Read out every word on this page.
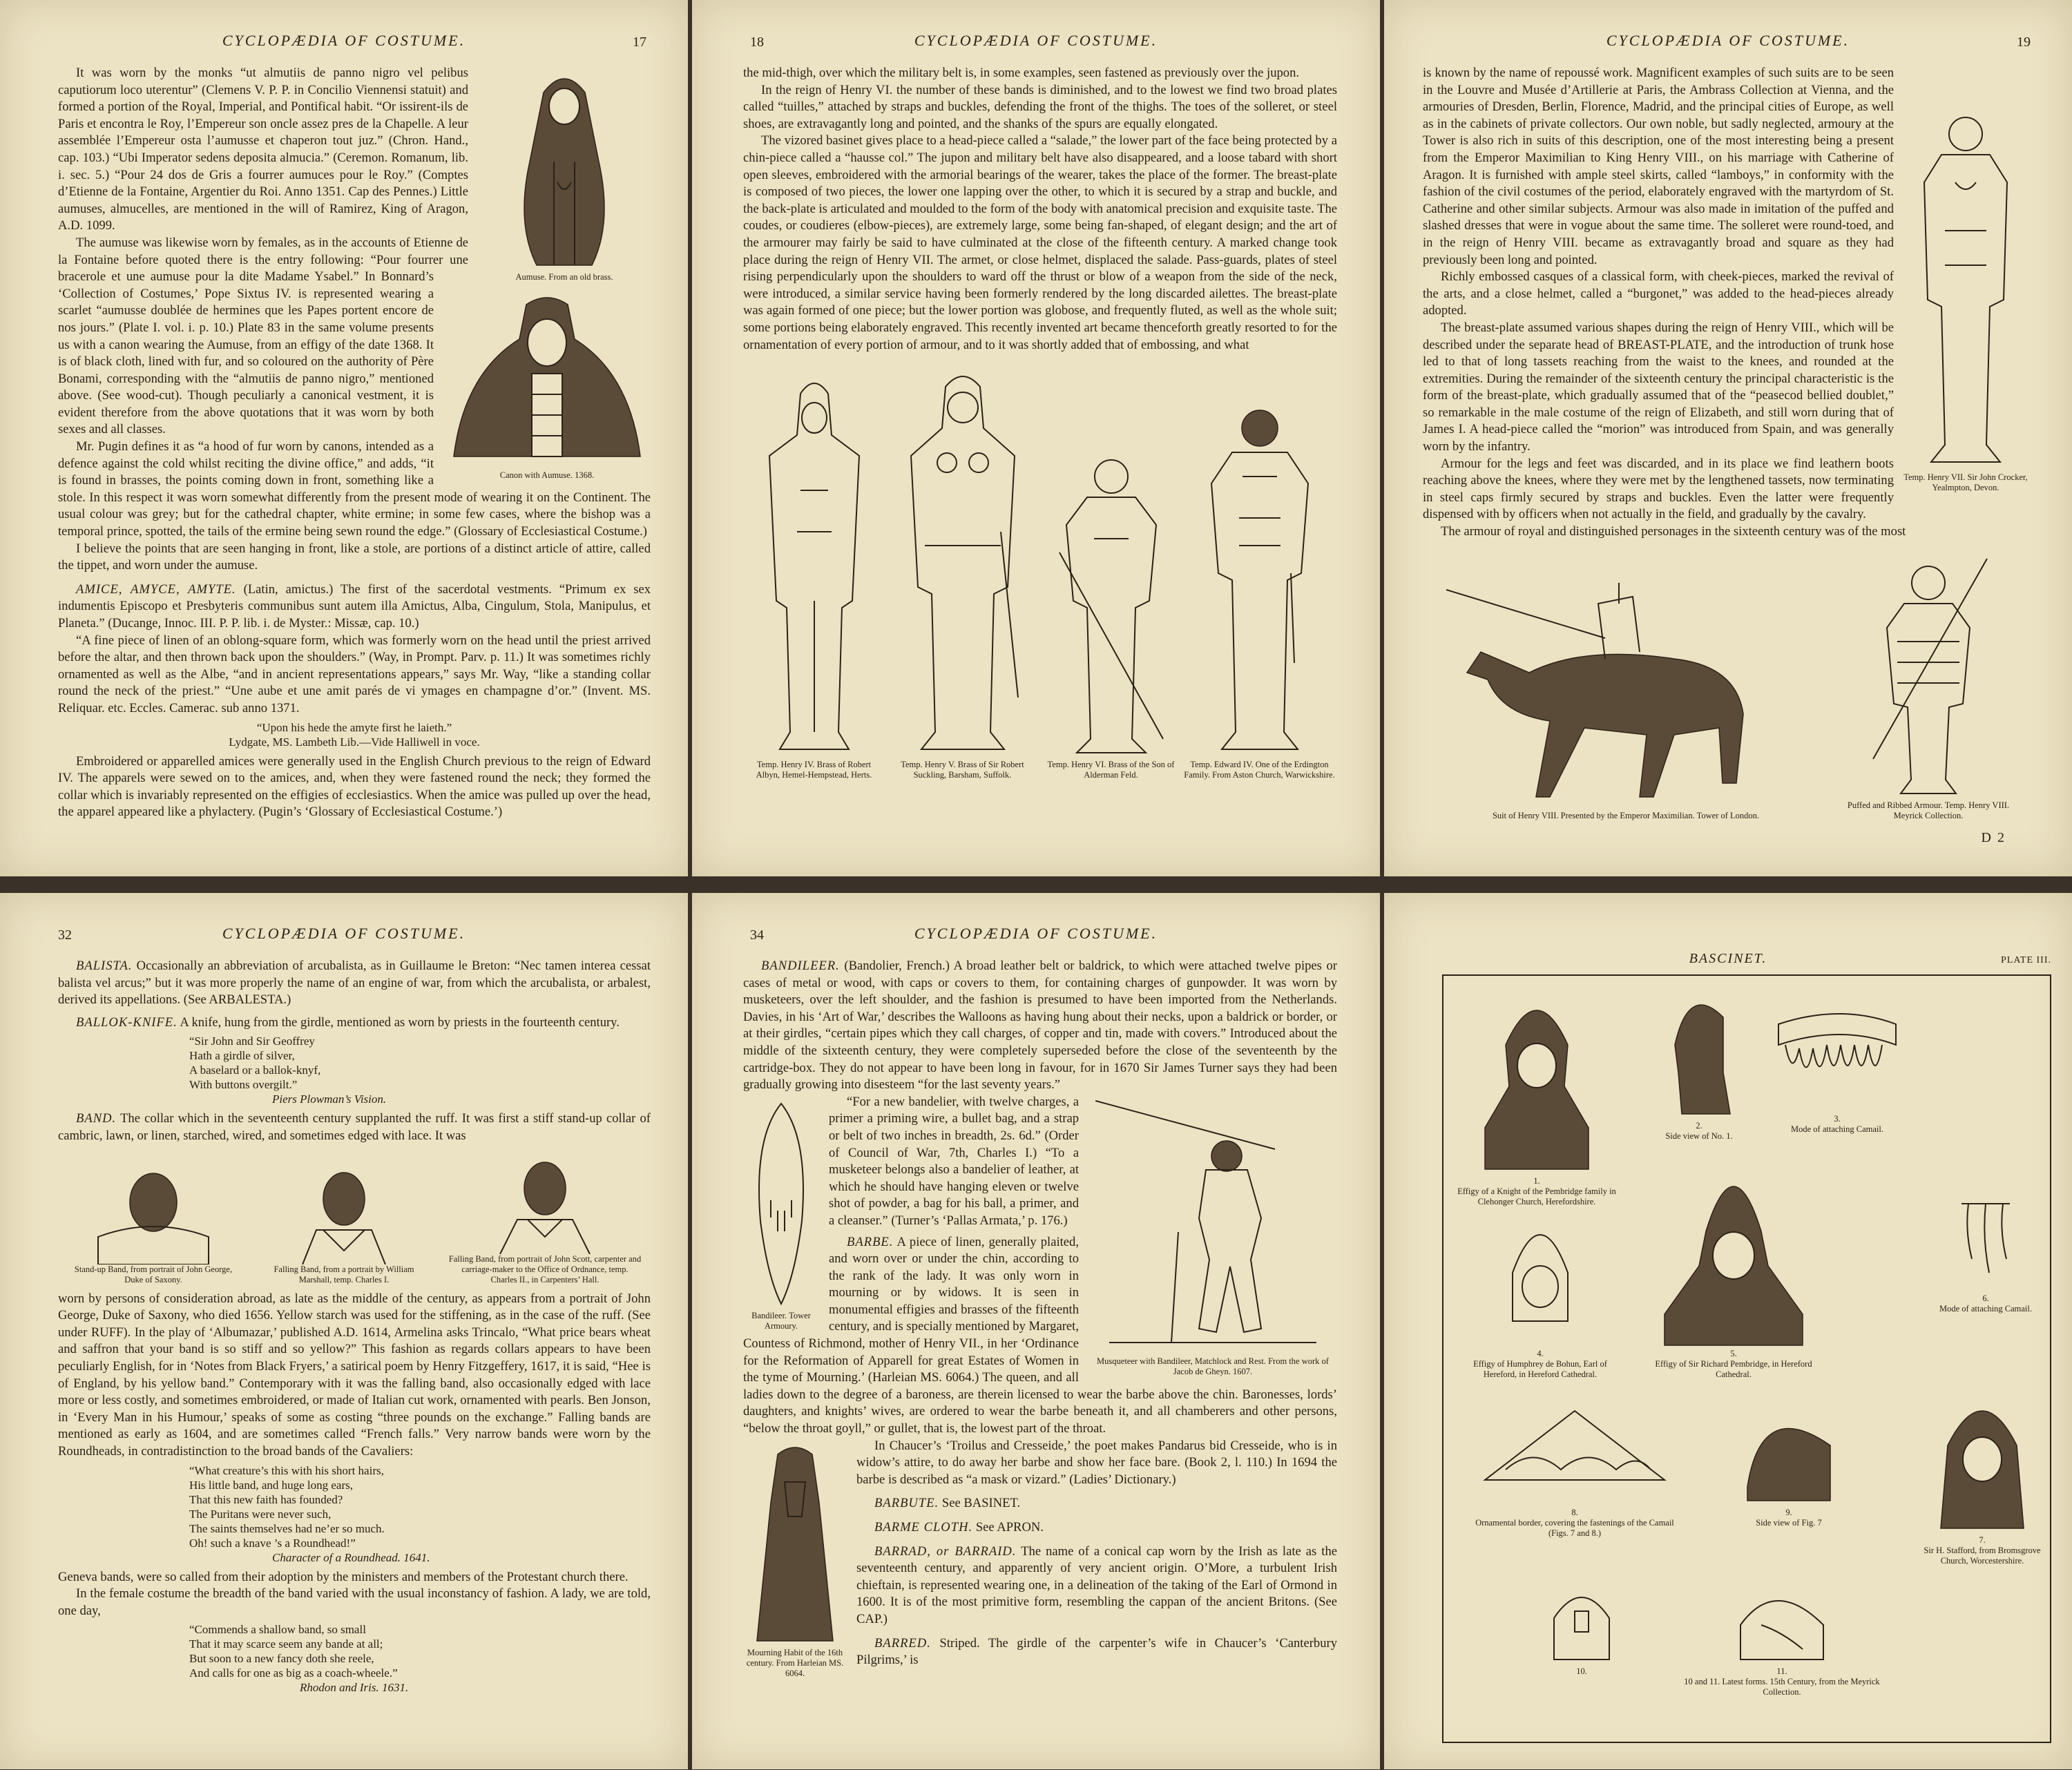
CYCLOPÆDIA OF COSTUME.	17
Aumuse. From an old brass.

It was worn by the monks “ut almutiis de panno nigro vel pelibus caputiorum loco uterentur” (Clemens V. P. P. in Concilio Viennensi statuit) and formed a portion of the Royal, Imperial, and Pontifical habit. “Or issirent-ils de Paris et encontra le Roy, l’Empereur son oncle assez pres de la Chapelle. A leur assemblée l’Empereur osta l’aumusse et chaperon tout juz.” (Chron. Hand., cap. 103.) “Ubi Imperator sedens deposita almucia.” (Ceremon. Romanum, lib. i. sec. 5.) “Pour 24 dos de Gris a fourrer aumuces pour le Roy.” (Comptes d’Etienne de la Fontaine, Argentier du Roi. Anno 1351. Cap des Pennes.) Little aumuses, almucelles, are mentioned in the will of Ramirez, King of Aragon, A.D. 1099.

Canon with Aumuse. 1368.

The aumuse was likewise worn by females, as in the accounts of Etienne de la Fontaine before quoted there is the entry following: “Pour fourrer une bracerole et une aumuse pour la dite Madame Ysabel.” In Bonnard’s ‘Collection of Costumes,’ Pope Sixtus IV. is represented wearing a scarlet “aumusse doublée de hermines que les Papes portent encore de nos jours.” (Plate I. vol. i. p. 10.) Plate 83 in the same volume presents us with a canon wearing the Aumuse, from an effigy of the date 1368. It is of black cloth, lined with fur, and so coloured on the authority of Père Bonami, corresponding with the “almutiis de panno nigro,” mentioned above. (See wood-cut). Though peculiarly a canonical vestment, it is evident therefore from the above quotations that it was worn by both sexes and all classes.

Mr. Pugin defines it as “a hood of fur worn by canons, intended as a defence against the cold whilst reciting the divine office,” and adds, “it is found in brasses, the points coming down in front, something like a stole. In this respect it was worn somewhat differently from the present mode of wearing it on the Continent. The usual colour was grey; but for the cathedral chapter, white ermine; in some few cases, where the bishop was a temporal prince, spotted, the tails of the ermine being sewn round the edge.” (Glossary of Ecclesiastical Costume.)

I believe the points that are seen hanging in front, like a stole, are portions of a distinct article of attire, called the tippet, and worn under the aumuse.

AMICE, AMYCE, AMYTE. (Latin, amictus.) The first of the sacerdotal vestments. “Primum ex sex indumentis Episcopo et Presbyteris communibus sunt autem illa Amictus, Alba, Cingulum, Stola, Manipulus, et Planeta.” (Ducange, Innoc. III. P. P. lib. i. de Myster.: Missæ, cap. 10.)

“A fine piece of linen of an oblong-square form, which was formerly worn on the head until the priest arrived before the altar, and then thrown back upon the shoulders.” (Way, in Prompt. Parv. p. 11.) It was sometimes richly ornamented as well as the Albe, “and in ancient representations appears,” says Mr. Way, “like a standing collar round the neck of the priest.” “Une aube et une amit parés de vi ymages en champagne d’or.” (Invent. MS. Reliquar. etc. Eccles. Camerac. sub anno 1371.

“Upon his hede the amyte first he laieth.”
Lydgate, MS. Lambeth Lib.—Vide Halliwell in voce.

Embroidered or apparelled amices were generally used in the English Church previous to the reign of Edward IV. The apparels were sewed on to the amices, and, when they were fastened round the neck; they formed the collar which is invariably represented on the effigies of ecclesiastics. When the amice was pulled up over the head, the apparel appeared like a phylactery. (Pugin’s ‘Glossary of Ecclesiastical Costume.’)

18	CYCLOPÆDIA OF COSTUME.

the mid-thigh, over which the military belt is, in some examples, seen fastened as previously over the jupon.

In the reign of Henry VI. the number of these bands is diminished, and to the lowest we find two broad plates called “tuilles,” attached by straps and buckles, defending the front of the thighs. The toes of the solleret, or steel shoes, are extravagantly long and pointed, and the shanks of the spurs are equally elongated.

The vizored basinet gives place to a head-piece called a “salade,” the lower part of the face being protected by a chin-piece called a “hausse col.” The jupon and military belt have also disappeared, and a loose tabard with short open sleeves, embroidered with the armorial bearings of the wearer, takes the place of the former. The breast-plate is composed of two pieces, the lower one lapping over the other, to which it is secured by a strap and buckle, and the back-plate is articulated and moulded to the form of the body with anatomical precision and exquisite taste. The coudes, or coudieres (elbow-pieces), are extremely large, some being fan-shaped, of elegant design; and the art of the armourer may fairly be said to have culminated at the close of the fifteenth century. A marked change took place during the reign of Henry VII. The armet, or close helmet, displaced the salade. Pass-guards, plates of steel rising perpendicularly upon the shoulders to ward off the thrust or blow of a weapon from the side of the neck, were introduced, a similar service having been formerly rendered by the long discarded ailettes. The breast-plate was again formed of one piece; but the lower portion was globose, and frequently fluted, as well as the whole suit; some portions being elaborately engraved. This recently invented art became thenceforth greatly resorted to for the ornamentation of every portion of armour, and to it was shortly added that of embossing, and what

Temp. Henry IV. Brass of Robert Albyn, Hemel-Hempstead, Herts.
Temp. Henry V. Brass of Sir Robert Suckling, Barsham, Suffolk.
Temp. Henry VI. Brass of the Son of Alderman Feld.
Temp. Edward IV. One of the Erdington Family. From Aston Church, Warwickshire.
CYCLOPÆDIA OF COSTUME.	19
Temp. Henry VII. Sir John Crocker, Yealmpton, Devon.

is known by the name of repoussé work. Magnificent examples of such suits are to be seen in the Louvre and Musée d’Artillerie at Paris, the Ambrass Collection at Vienna, and the armouries of Dresden, Berlin, Florence, Madrid, and the principal cities of Europe, as well as in the cabinets of private collectors. Our own noble, but sadly neglected, armoury at the Tower is also rich in suits of this description, one of the most interesting being a present from the Emperor Maximilian to King Henry VIII., on his marriage with Catherine of Aragon. It is furnished with ample steel skirts, called “lamboys,” in conformity with the fashion of the civil costumes of the period, elaborately engraved with the martyrdom of St. Catherine and other similar subjects. Armour was also made in imitation of the puffed and slashed dresses that were in vogue about the same time. The solleret were round-toed, and in the reign of Henry VIII. became as extravagantly broad and square as they had previously been long and pointed.

Richly embossed casques of a classical form, with cheek-pieces, marked the revival of the arts, and a close helmet, called a “burgonet,” was added to the head-pieces already adopted.

The breast-plate assumed various shapes during the reign of Henry VIII., which will be described under the separate head of BREAST-PLATE, and the introduction of trunk hose led to that of long tassets reaching from the waist to the knees, and rounded at the extremities. During the remainder of the sixteenth century the principal characteristic is the form of the breast-plate, which gradually assumed that of the “peasecod bellied doublet,” so remarkable in the male costume of the reign of Elizabeth, and still worn during that of James I. A head-piece called the “morion” was introduced from Spain, and was generally worn by the infantry.

Armour for the legs and feet was discarded, and in its place we find leathern boots reaching above the knees, where they were met by the lengthened tassets, now terminating in steel caps firmly secured by straps and buckles. Even the latter were frequently dispensed with by officers when not actually in the field, and gradually by the cavalry.

The armour of royal and distinguished personages in the sixteenth century was of the most

Suit of Henry VIII. Presented by the Emperor Maximilian. Tower of London.
Puffed and Ribbed Armour. Temp. Henry VIII. Meyrick Collection.
D 2
32	CYCLOPÆDIA OF COSTUME.

BALISTA. Occasionally an abbreviation of arcubalista, as in Guillaume le Breton: “Nec tamen interea cessat balista vel arcus;” but it was more properly the name of an engine of war, from which the arcubalista, or arbalest, derived its appellations. (See ARBALESTA.)

BALLOK-KNIFE. A knife, hung from the girdle, mentioned as worn by priests in the fourteenth century.

“Sir John and Sir Geoffrey
Hath a girdle of silver,
A baselard or a ballok-knyf,
With buttons overgilt.”
Piers Plowman’s Vision.

BAND. The collar which in the seventeenth century supplanted the ruff. It was first a stiff stand-up collar of cambric, lawn, or linen, starched, wired, and sometimes edged with lace. It was

Stand-up Band, from portrait of John George, Duke of Saxony.
Falling Band, from a portrait by William Marshall, temp. Charles I.
Falling Band, from portrait of John Scott, carpenter and carriage-maker to the Office of Ordnance, temp. Charles II., in Carpenters’ Hall.

worn by persons of consideration abroad, as late as the middle of the century, as appears from a portrait of John George, Duke of Saxony, who died 1656. Yellow starch was used for the stiffening, as in the case of the ruff. (See under RUFF). In the play of ‘Albumazar,’ published A.D. 1614, Armelina asks Trincalo, “What price bears wheat and saffron that your band is so stiff and so yellow?” This fashion as regards collars appears to have been peculiarly English, for in ‘Notes from Black Fryers,’ a satirical poem by Henry Fitzgeffery, 1617, it is said, “Hee is of England, by his yellow band.” Contemporary with it was the falling band, also occasionally edged with lace more or less costly, and sometimes embroidered, or made of Italian cut work, ornamented with pearls. Ben Jonson, in ‘Every Man in his Humour,’ speaks of some as costing “three pounds on the exchange.” Falling bands are mentioned as early as 1604, and are sometimes called “French falls.” Very narrow bands were worn by the Roundheads, in contradistinction to the broad bands of the Cavaliers:

“What creature’s this with his short hairs,
His little band, and huge long ears,
That this new faith has founded?
The Puritans were never such,
The saints themselves had ne’er so much.
Oh! such a knave ’s a Roundhead!”
Character of a Roundhead. 1641.

Geneva bands, were so called from their adoption by the ministers and members of the Protestant church there.

In the female costume the breadth of the band varied with the usual inconstancy of fashion. A lady, we are told, one day,

“Commends a shallow band, so small
That it may scarce seem any bande at all;
But soon to a new fancy doth she reele,
And calls for one as big as a coach-wheele.”
Rhodon and Iris. 1631.
34	CYCLOPÆDIA OF COSTUME.

BANDILEER. (Bandolier, French.) A broad leather belt or baldrick, to which were attached twelve pipes or cases of metal or wood, with caps or covers to them, for containing charges of gunpowder. It was worn by musketeers, over the left shoulder, and the fashion is presumed to have been imported from the Netherlands. Davies, in his ‘Art of War,’ describes the Walloons as having hung about their necks, upon a baldrick or border, or at their girdles, “certain pipes which they call charges, of copper and tin, made with covers.” Introduced about the middle of the sixteenth century, they were completely superseded before the close of the seventeenth by the cartridge-box. They do not appear to have been long in favour, for in 1670 Sir James Turner says they had been gradually growing into disesteem “for the last seventy years.”

Bandileer. Tower Armoury.
Musqueteer with Bandileer, Matchlock and Rest. From the work of Jacob de Gheyn. 1607.

“For a new bandelier, with twelve charges, a primer a priming wire, a bullet bag, and a strap or belt of two inches in breadth, 2s. 6d.” (Order of Council of War, 7th, Charles I.) “To a musketeer belongs also a bandelier of leather, at which he should have hanging eleven or twelve shot of powder, a bag for his ball, a primer, and a cleanser.” (Turner’s ‘Pallas Armata,’ p. 176.)

BARBE. A piece of linen, generally plaited, and worn over or under the chin, according to the rank of the lady. It was only worn in mourning or by widows. It is seen in monumental effigies and brasses of the fifteenth century, and is specially mentioned by Margaret, Countess of Richmond, mother of Henry VII., in her ‘Ordinance for the Reformation of Apparell for great Estates of Women in the tyme of Mourning.’ (Harleian MS. 6064.) The queen, and all ladies down to the degree of a baroness, are therein licensed to wear the barbe above the chin. Baronesses, lords’ daughters, and knights’ wives, are ordered to wear the barbe beneath it, and all chamberers and other persons, “below the throat goyll,” or gullet, that is, the lowest part of the throat.

Mourning Habit of the 16th century. From Harleian MS. 6064.

In Chaucer’s ‘Troilus and Cresseide,’ the poet makes Pandarus bid Cresseide, who is in widow’s attire, to do away her barbe and show her face bare. (Book 2, l. 110.) In 1694 the barbe is described as “a mask or vizard.” (Ladies’ Dictionary.)

BARBUTE. See BASINET.

BARME CLOTH. See APRON.

BARRAD, or BARRAID. The name of a conical cap worn by the Irish as late as the seventeenth century, and apparently of very ancient origin. O’More, a turbulent Irish chieftain, is represented wearing one, in a delineation of the taking of the Earl of Ormond in 1600. It is of the most primitive form, resembling the cappan of the ancient Britons. (See CAP.)

BARRED. Striped. The girdle of the carpenter’s wife in Chaucer’s ‘Canterbury Pilgrims,’ is

BASCINET.	PLATE III.
1.
Effigy of a Knight of the Pembridge family in Clehonger Church, Herefordshire.
2.
Side view of No. 1.
3.
Mode of attaching Camail.
4.
Effigy of Humphrey de Bohun, Earl of Hereford, in Hereford Cathedral.
5.
Effigy of Sir Richard Pembridge, in Hereford Cathedral.
6.
Mode of attaching Camail.
7.
Sir H. Stafford, from Bromsgrove Church, Worcestershire.
8.
Ornamental border, covering the fastenings of the Camail (Figs. 7 and 8.)
9.
Side view of Fig. 7
10.	11.
10 and 11. Latest forms. 15th Century, from the Meyrick Collection.
